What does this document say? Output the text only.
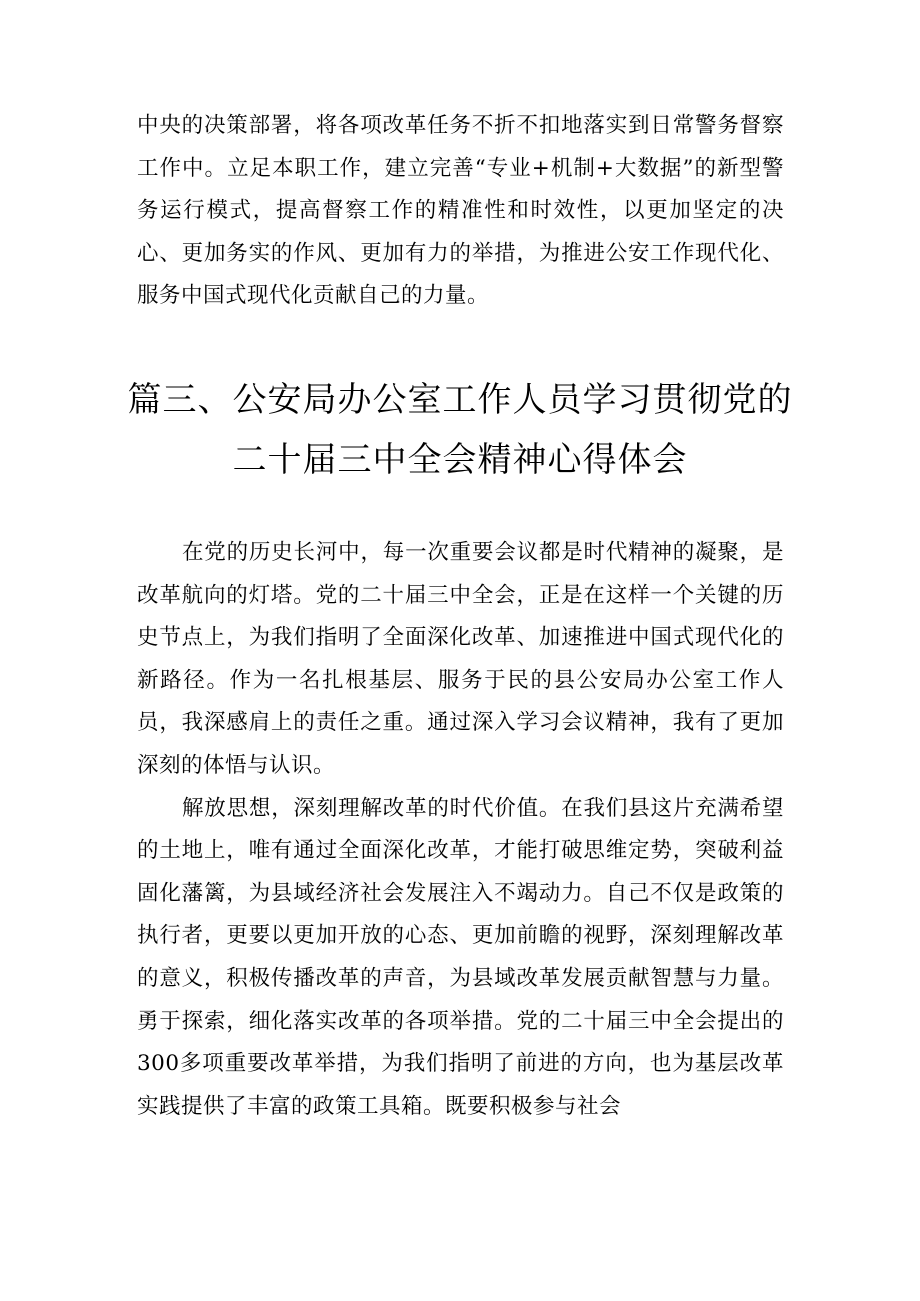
中央的决策部署，将各项改革任务不折不扣地落实到日常警务督察工作中。立足本职工作，建立完善“专业+机制+大数据”的新型警务运行模式，提高督察工作的精准性和时效性，以更加坚定的决心、更加务实的作风、更加有力的举措，为推进公安工作现代化、服务中国式现代化贡献自己的力量。

篇三、公安局办公室工作人员学习贯彻党的
二十届三中全会精神心得体会

在党的历史长河中，每一次重要会议都是时代精神的凝聚，是改革航向的灯塔。党的二十届三中全会，正是在这样一个关键的历史节点上，为我们指明了全面深化改革、加速推进中国式现代化的新路径。作为一名扎根基层、服务于民的县公安局办公室工作人员，我深感肩上的责任之重。通过深入学习会议精神，我有了更加深刻的体悟与认识。

解放思想，深刻理解改革的时代价值。在我们县这片充满希望的土地上，唯有通过全面深化改革，才能打破思维定势，突破利益固化藩篱，为县域经济社会发展注入不竭动力。自己不仅是政策的执行者，更要以更加开放的心态、更加前瞻的视野，深刻理解改革的意义，积极传播改革的声音，为县域改革发展贡献智慧与力量。勇于探索，细化落实改革的各项举措。党的二十届三中全会提出的300多项重要改革举措，为我们指明了前进的方向，也为基层改革实践提供了丰富的政策工具箱。既要积极参与社会
